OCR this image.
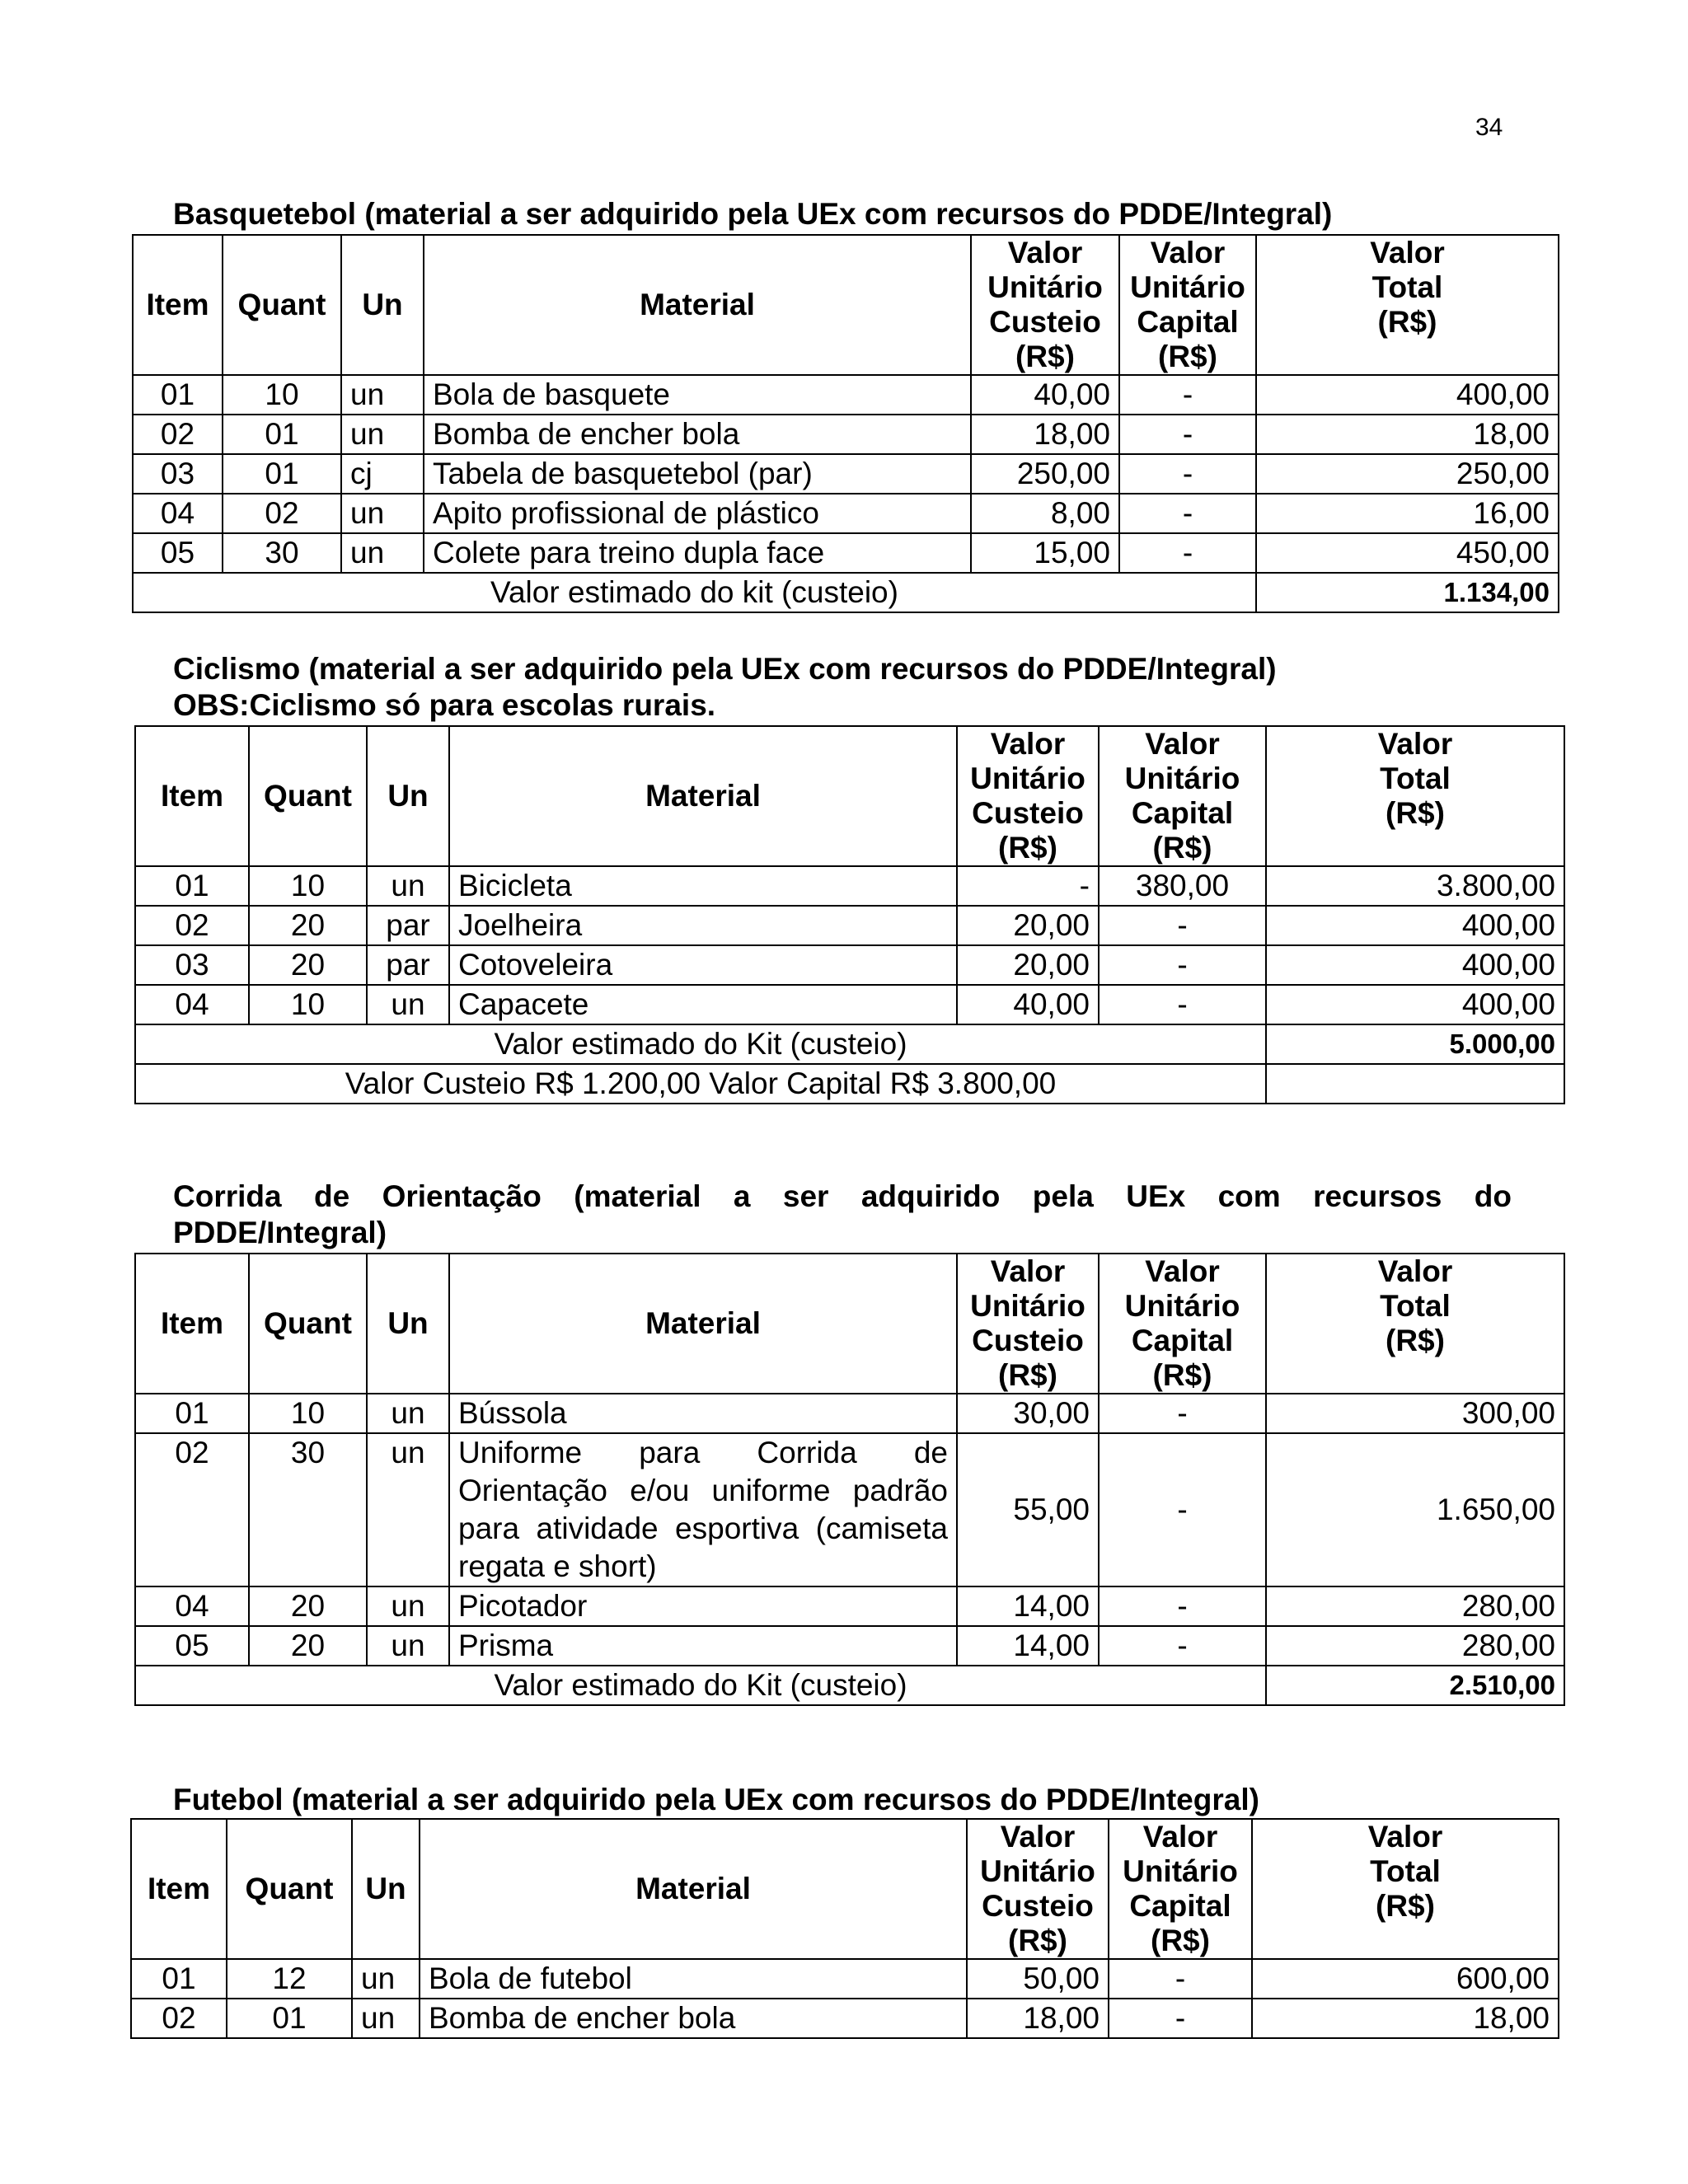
34
Basquetebol (material a ser adquirido pela UEx com recursos do PDDE/Integral)
Item	Quant	Un	Material	Valor
Unitário
Custeio
(R$)	Valor
Unitário
Capital
(R$)	Valor
Total
(R$)
01	10	un	Bola de basquete	40,00	-	400,00
02	01	un	Bomba de encher bola	18,00	-	18,00
03	01	cj	Tabela de basquetebol (par)	250,00	-	250,00
04	02	un	Apito profissional de plástico	8,00	-	16,00
05	30	un	Colete para treino dupla face	15,00	-	450,00
Valor estimado do kit (custeio)						1.134,00
Ciclismo (material a ser adquirido pela UEx com recursos do PDDE/Integral)
OBS:Ciclismo só para escolas rurais.
Item	Quant	Un	Material	Valor
Unitário
Custeio
(R$)	Valor
Unitário
Capital
(R$)	Valor
Total
(R$)
01	10	un	Bicicleta	-	380,00	3.800,00
02	20	par	Joelheira	20,00	-	400,00
03	20	par	Cotoveleira	20,00	-	400,00
04	10	un	Capacete	40,00	-	400,00
Valor estimado do Kit (custeio)						5.000,00
Valor Custeio R$ 1.200,00 Valor Capital R$ 3.800,00						
Corrida de Orientação (material a ser adquirido pela UEx com recursos do
PDDE/Integral)
Item	Quant	Un	Material	Valor
Unitário
Custeio
(R$)	Valor
Unitário
Capital
(R$)	Valor
Total
(R$)
01	10	un	Bússola	30,00	-	300,00
02	30	un	Uniforme para Corrida de Orientação e/ou uniforme padrão para atividade esportiva (camiseta regata e short)	55,00	-	1.650,00
04	20	un	Picotador	14,00	-	280,00
05	20	un	Prisma	14,00	-	280,00
Valor estimado do Kit (custeio)						2.510,00
Futebol (material a ser adquirido pela UEx com recursos do PDDE/Integral)
Item	Quant	Un	Material	Valor
Unitário
Custeio
(R$)	Valor
Unitário
Capital
(R$)	Valor
Total
(R$)
01	12	un	Bola de futebol	50,00	-	600,00
02	01	un	Bomba de encher bola	18,00	-	18,00
